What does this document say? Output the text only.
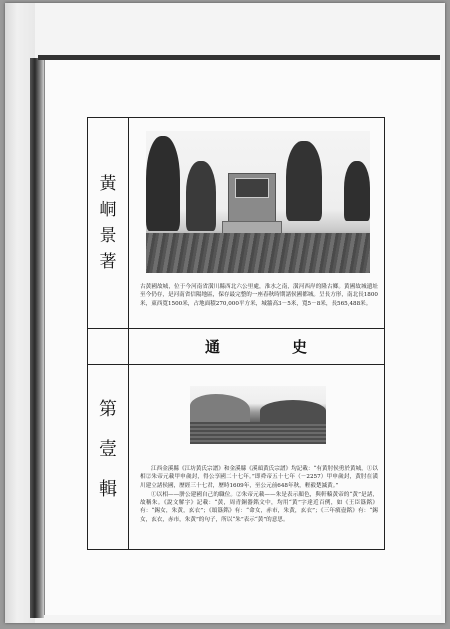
黃
峒
景
著
第
壹
輯
通	史
古黃國故城，位于今河南省潢川縣西北六公里處，淮水之南，潢河西岸的隆古鄉。黃國故城遺址至今仍存，是河南省信陽地區，保存最完整的一座春秋時期諸侯國都城。呈長方形，南北長1800米，東西寬1500米，占地面積270,000平方米，城牆高3－5米，寬5－8米，長565,488米。

江西金溪縣《江坊黃氏宗譜》和金溪縣《溪頭黃氏宗譜》均記載：“有黃肘侯勇於黃城，①以相②朱帝元載甲申歲封，得公享國二十七年。”即舜帝五十七年（－2257）甲申歲封，黃肘在潢川建立諸侯國，歷經三十七君，歷時1609年，至公元前648年秋，輕毅楚滅黃。”

①以相——胼公建國自己的職位。②朱帝元載——朱是表示顏色，與軒轅黃帝的“黃”是諸，故稱朱。《說文解字》記載：“黃，周青銅器銘文中，均用“黃”字達近百例，如《王臣簋銘》有：“錫女，朱黃，玄衣”；《頌簋銘》有：“命女，赤市，朱黃，玄衣”；《三年瘨壺銘》有：“錫女，玄衣，赤市，朱黃”的句子，所以“朱”表示“黃”的意思。
